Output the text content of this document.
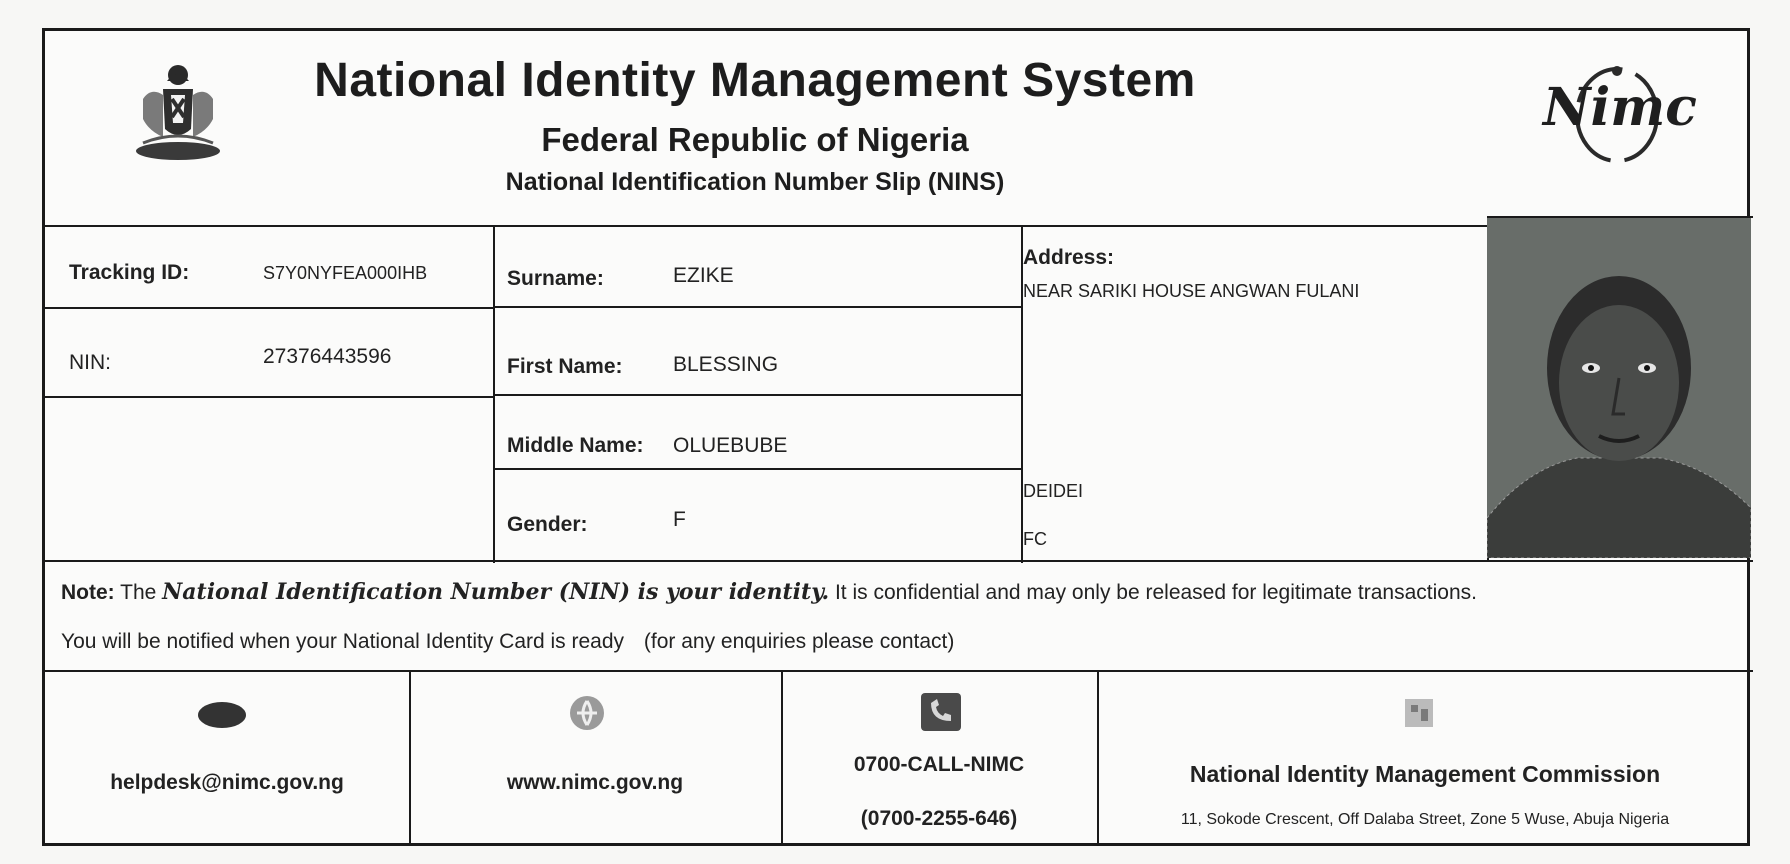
National Identity Management System
Federal Republic of Nigeria
National Identification Number Slip (NINS)
Nimc
Tracking ID:	S7Y0NYFEA000IHB
NIN:	27376443596
Surname:	EZIKE
First Name: BLESSING
Middle Name: OLUEBUBE
Gender:	F
Address:
NEAR SARIKI HOUSE ANGWAN FULANI
DEIDEI
FC
Note: The National Identification Number (NIN) is your identity. It is confidential and may only be released for legitimate transactions.
You will be notified when your National Identity Card is ready (for any enquiries please contact)
helpdesk@nimc.gov.ng	www.nimc.gov.ng
0700-CALL-NIMC
(0700-2255-646)
National Identity Management Commission
11, Sokode Crescent, Off Dalaba Street, Zone 5 Wuse, Abuja Nigeria
